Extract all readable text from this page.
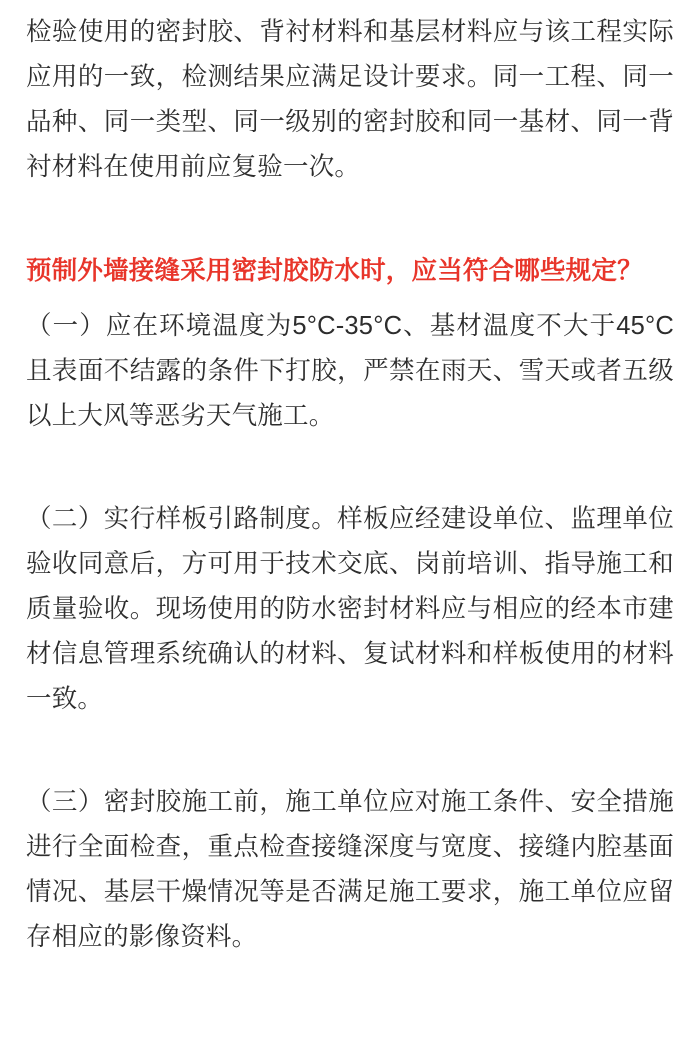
检验使用的密封胶、背衬材料和基层材料应与该工程实际应用的一致，检测结果应满足设计要求。同一工程、同一品种、同一类型、同一级别的密封胶和同一基材、同一背衬材料在使用前应复验一次。

预制外墙接缝采用密封胶防水时，应当符合哪些规定？

（一）应在环境温度为5°C-35°C、基材温度不大于45°C且表面不结露的条件下打胶，严禁在雨天、雪天或者五级以上大风等恶劣天气施工。

（二）实行样板引路制度。样板应经建设单位、监理单位验收同意后，方可用于技术交底、岗前培训、指导施工和质量验收。现场使用的防水密封材料应与相应的经本市建材信息管理系统确认的材料、复试材料和样板使用的材料一致。

（三）密封胶施工前，施工单位应对施工条件、安全措施进行全面检查，重点检查接缝深度与宽度、接缝内腔基面情况、基层干燥情况等是否满足施工要求，施工单位应留存相应的影像资料。
